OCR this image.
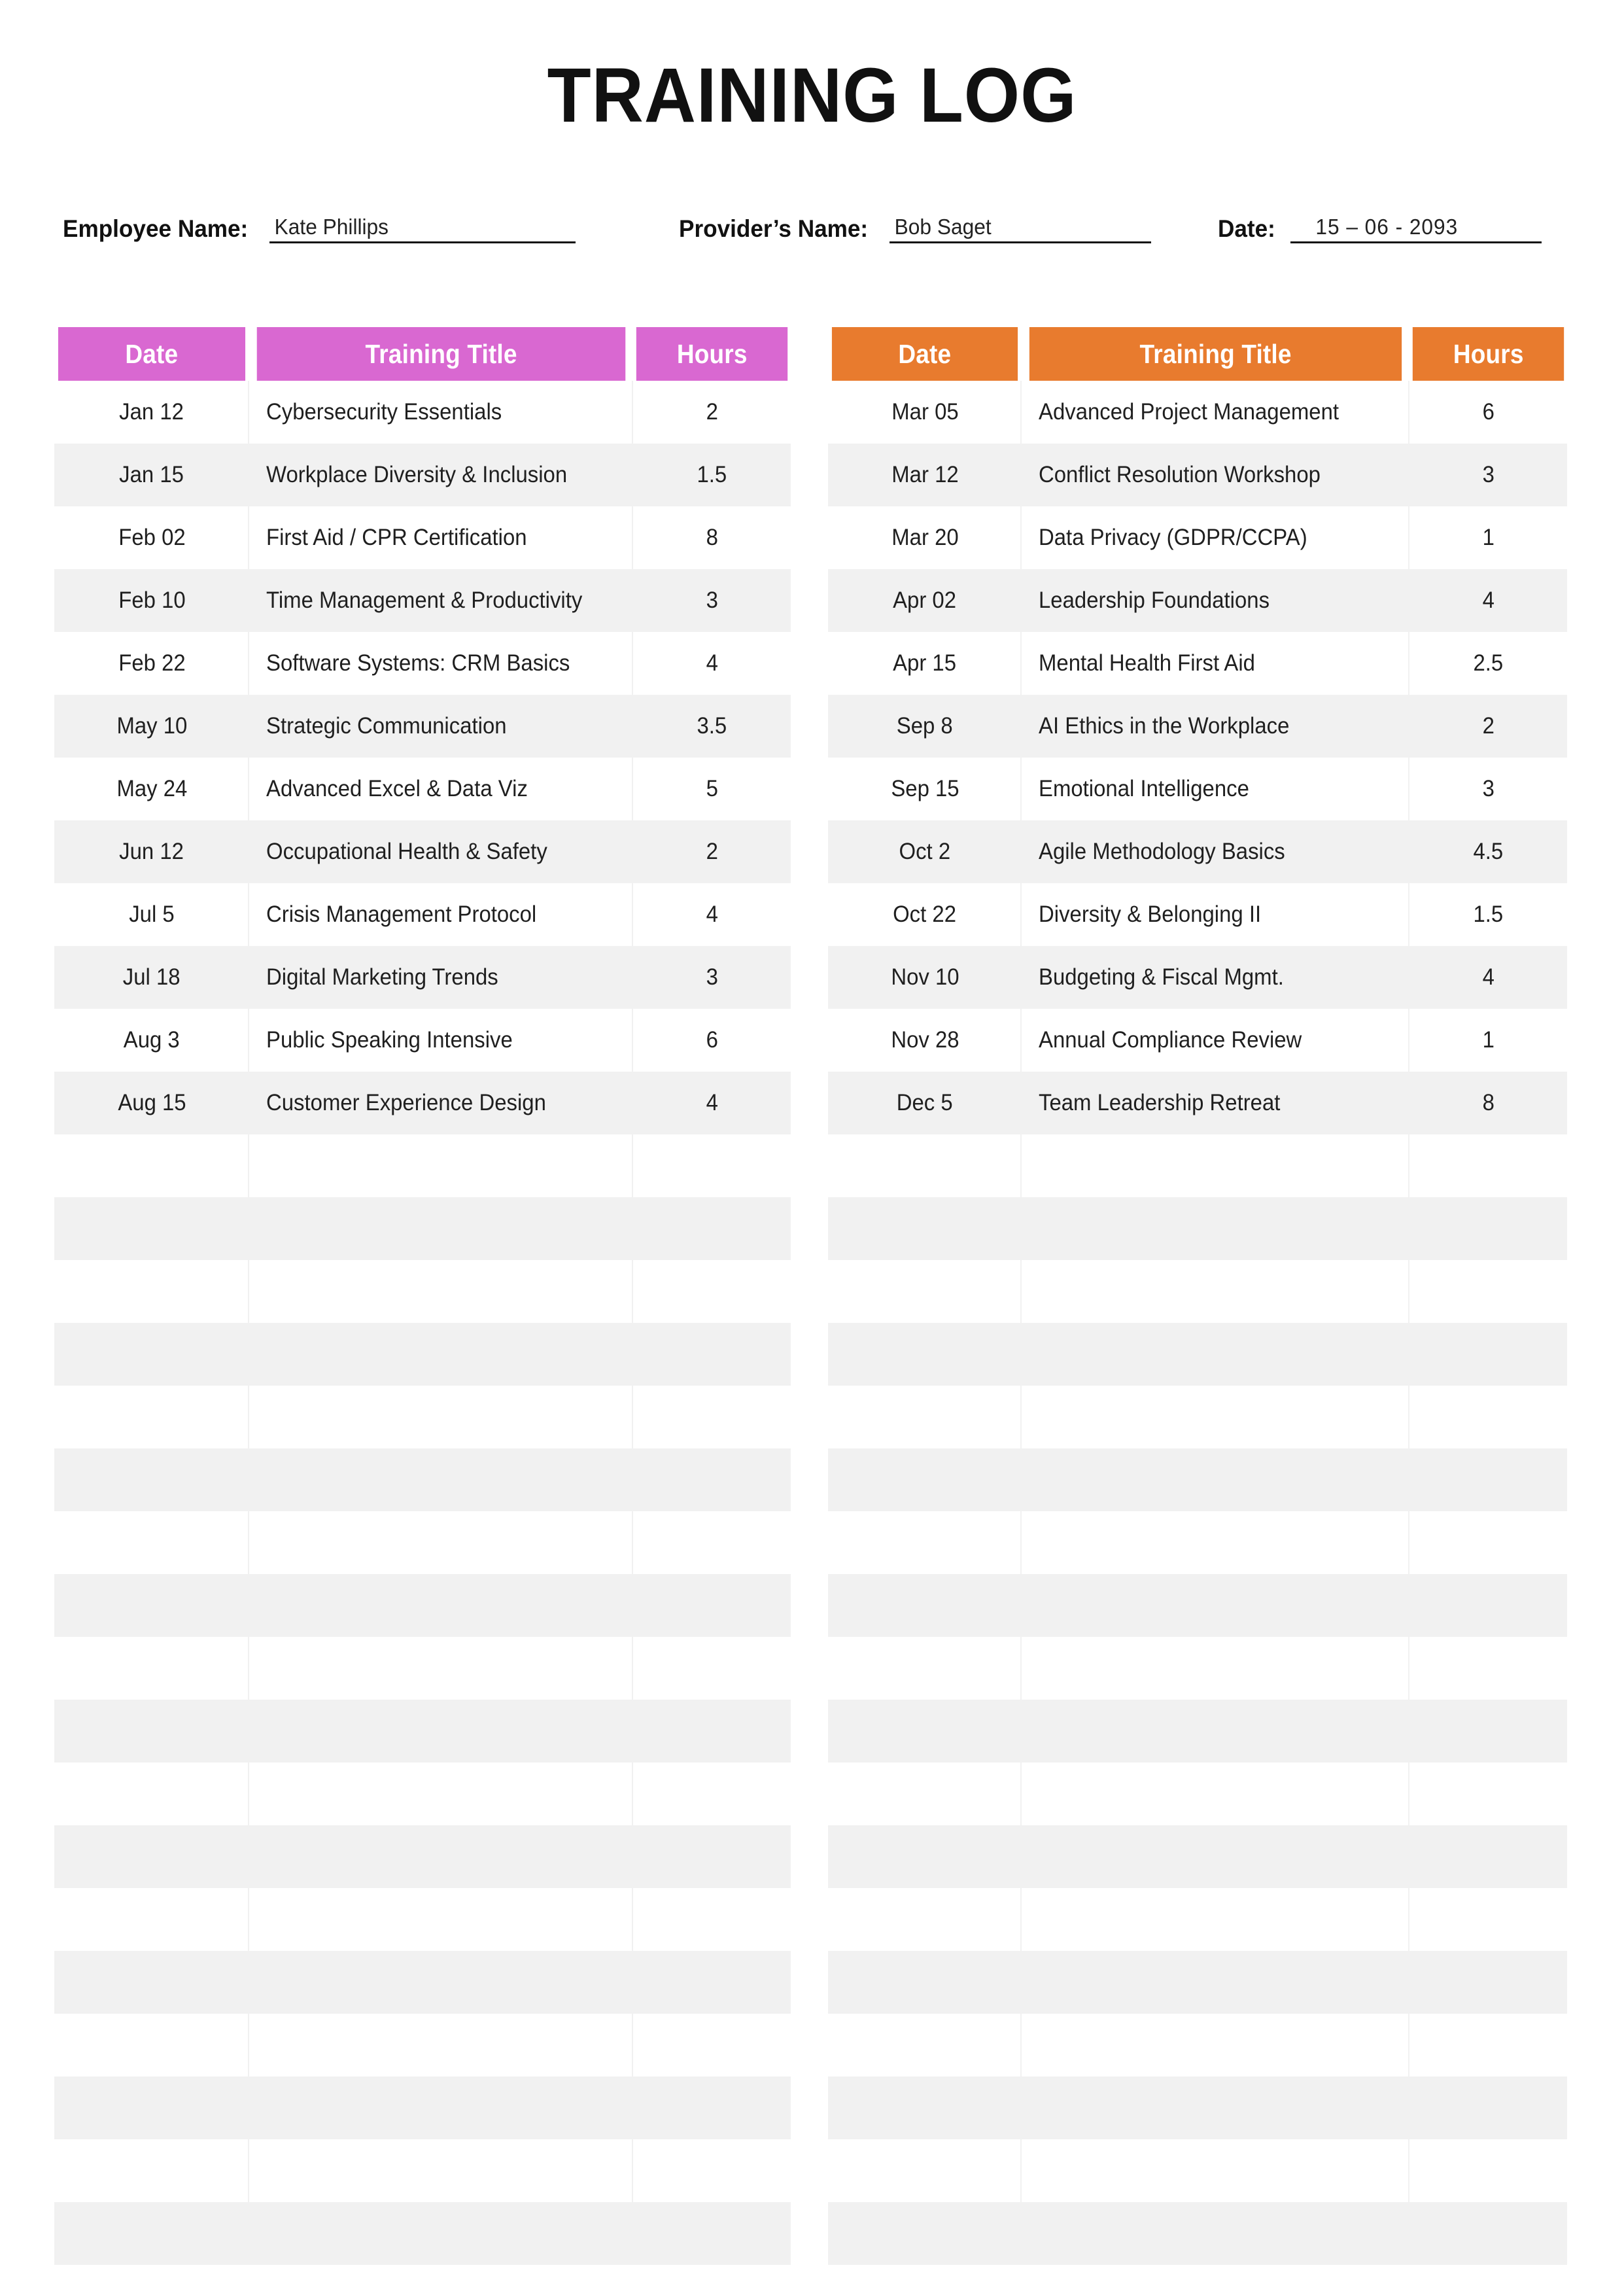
TRAINING LOG
Employee Name: Kate Phillips	Provider’s Name: Bob Saget	Date:	15 – 06 - 2093
Date	Training Title	Hours
Jan 12	Cybersecurity Essentials	2
Jan 15	Workplace Diversity & Inclusion	1.5
Feb 02	First Aid / CPR Certification	8
Feb 10	Time Management & Productivity	3
Feb 22	Software Systems: CRM Basics	4
May 10	Strategic Communication	3.5
May 24	Advanced Excel & Data Viz	5
Jun 12	Occupational Health & Safety	2
Jul 5	Crisis Management Protocol	4
Jul 18	Digital Marketing Trends	3
Aug 3	Public Speaking Intensive	6
Aug 15	Customer Experience Design	4

Date	Training Title	Hours
Mar 05	Advanced Project Management	6
Mar 12	Conflict Resolution Workshop	3
Mar 20	Data Privacy (GDPR/CCPA)	1
Apr 02	Leadership Foundations	4
Apr 15	Mental Health First Aid	2.5
Sep 8	AI Ethics in the Workplace	2
Sep 15	Emotional Intelligence	3
Oct 2	Agile Methodology Basics	4.5
Oct 22	Diversity & Belonging II	1.5
Nov 10	Budgeting & Fiscal Mgmt.	4
Nov 28	Annual Compliance Review	1
Dec 5	Team Leadership Retreat	8
